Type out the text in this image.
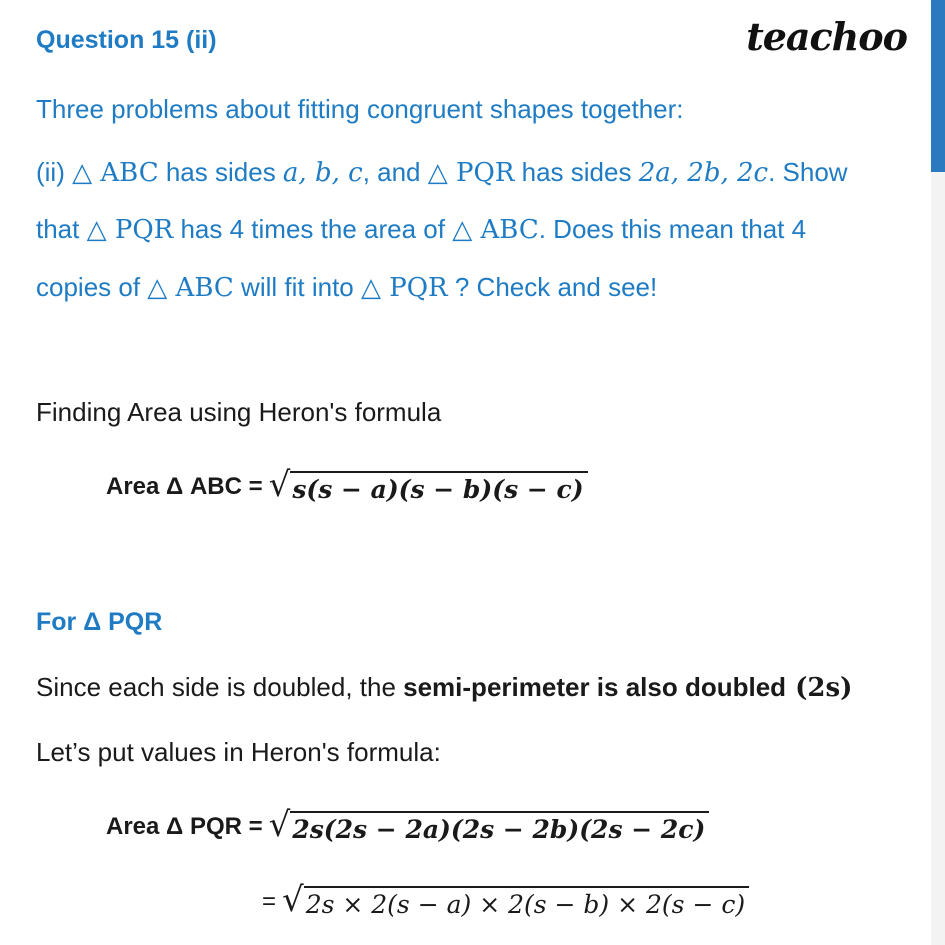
Question 15 (ii)	teachoo
Three problems about fitting congruent shapes together:
(ii) △ ABC has sides a, b, c, and △ PQR has sides 2a, 2b, 2c. Show
that △ PQR has 4 times the area of △ ABC. Does this mean that 4
copies of △ ABC will fit into △ PQR ? Check and see!
Finding Area using Heron's formula
Area Δ ABC = √ s(s − a)(s − b)(s − c)
For Δ PQR
Since each side is doubled, the semi-perimeter is also doubled (2s)
Let’s put values in Heron's formula:
Area Δ PQR = √ 2s(2s − 2a)(2s − 2b)(2s − 2c)
= √ 2s × 2(s − a) × 2(s − b) × 2(s − c)
